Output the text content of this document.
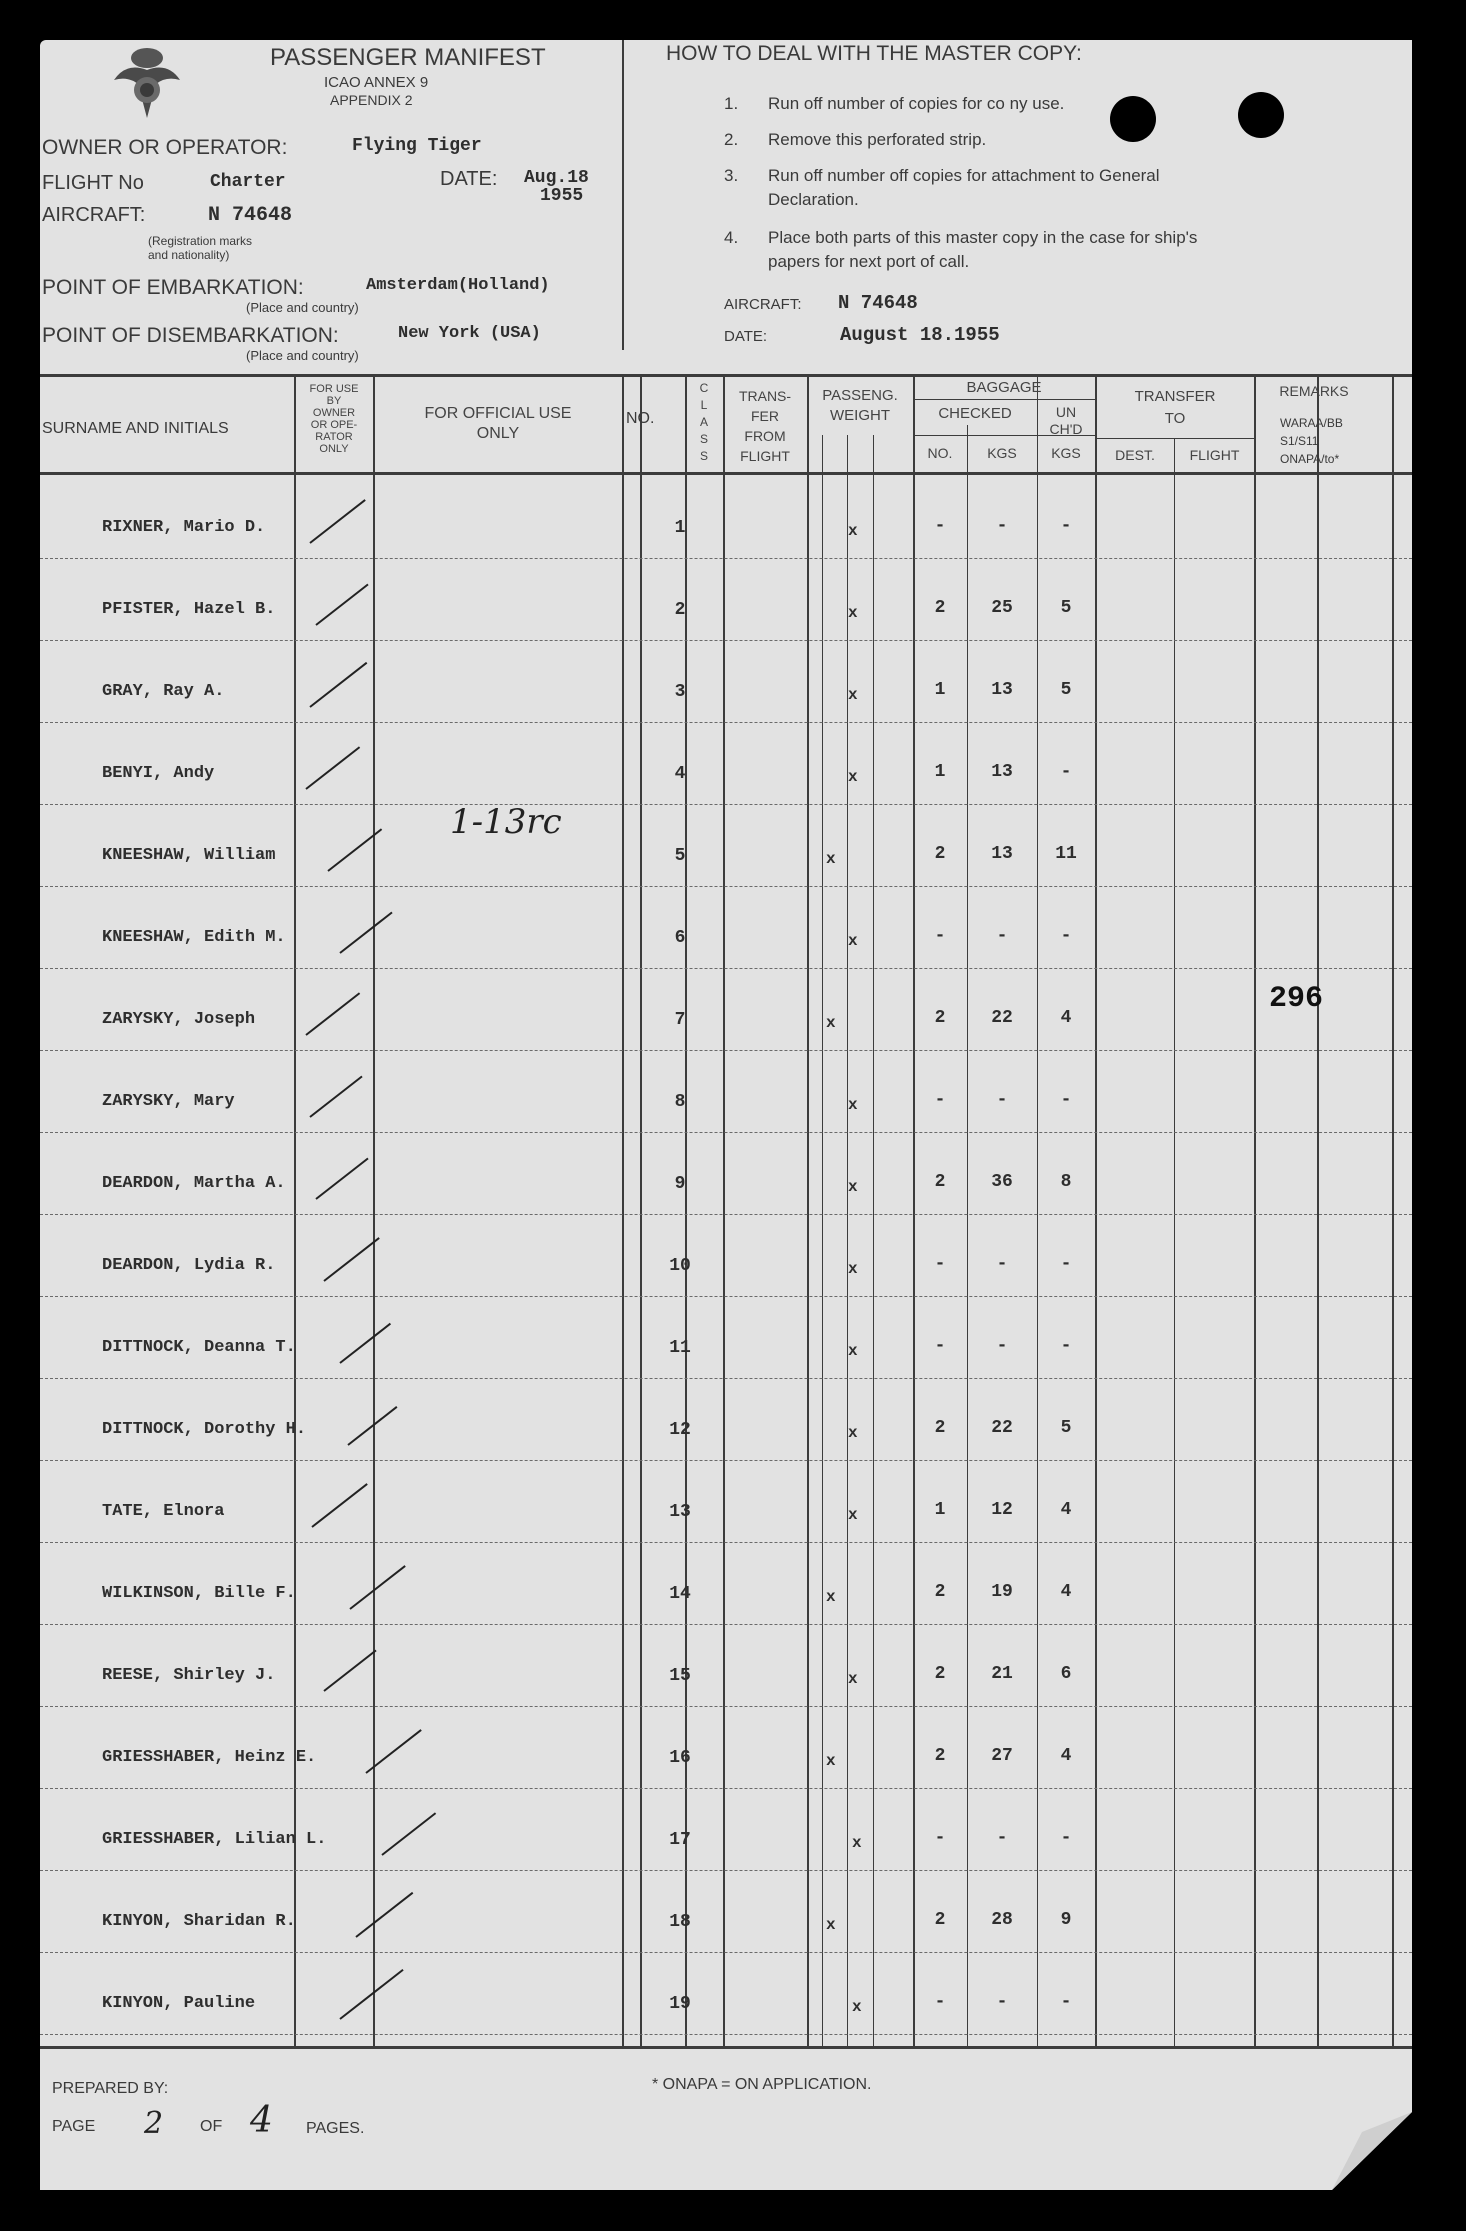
PASSENGER MANIFEST
ICAO ANNEX 9
APPENDIX 2
OWNER OR OPERATOR:	Flying Tiger
FLIGHT No	Charter	DATE: Aug.18
1955
AIRCRAFT:	N 74648
(Registration marks
and nationality)
POINT OF EMBARKATION:	Amsterdam(Holland)
(Place and country)
POINT OF DISEMBARKATION:	New York (USA)
(Place and country)
HOW TO DEAL WITH THE MASTER COPY:
1. Run off number of copies for co ny use.
2. Remove this perforated strip.
3. Run off number off copies for attachment to General
Declaration.
4. Place both parts of this master copy in the case for ship's
papers for next port of call.
AIRCRAFT: N 74648
DATE:	August 18.1955
SURNAME AND INITIALS
FOR USE
BY
OWNER
OR OPE-
RATOR
ONLY
FOR OFFICIAL USE
ONLY
NO.
C
L
A
S
S
TRANS-
FER
FROM
FLIGHT
PASSENG.
WEIGHT
BAGGAGE
CHECKED	UN
CH'D
NO.	KGS	KGS
TRANSFER
TO
DEST.	FLIGHT
REMARKS
WARAA/BB
S1/S11
ONAPA/to*
RIXNER, Mario D.	1	x	-	-	-
PFISTER, Hazel B.	2	x	2	25	5
GRAY, Ray A.	3	x	1	13	5
BENYI, Andy	4	x	1	13	-
KNEESHAW, William	5	x	2	13	11
KNEESHAW, Edith M.	6	x	-	-	-
ZARYSKY, Joseph	7	x	2	22	4
ZARYSKY, Mary	8	x	-	-	-
DEARDON, Martha A.	9	x	2	36	8
DEARDON, Lydia R.	10	x	-	-	-
DITTNOCK, Deanna T.	11	x	-	-	-
DITTNOCK, Dorothy H.	12	x	2	22	5
TATE, Elnora	13	x	1	12	4
WILKINSON, Bille F.	14	x	2	19	4
REESE, Shirley J.	15	x	2	21	6
GRIESSHABER, Heinz E.	16	x	2	27	4
GRIESSHABER, Lilian L.	17	x	-	-	-
KINYON, Sharidan R.	18	x	2	28	9
KINYON, Pauline	19	x	-	-	-
1-13rc
296
PREPARED BY:
PAGE 2 OF 4 PAGES.
* ONAPA = ON APPLICATION.
